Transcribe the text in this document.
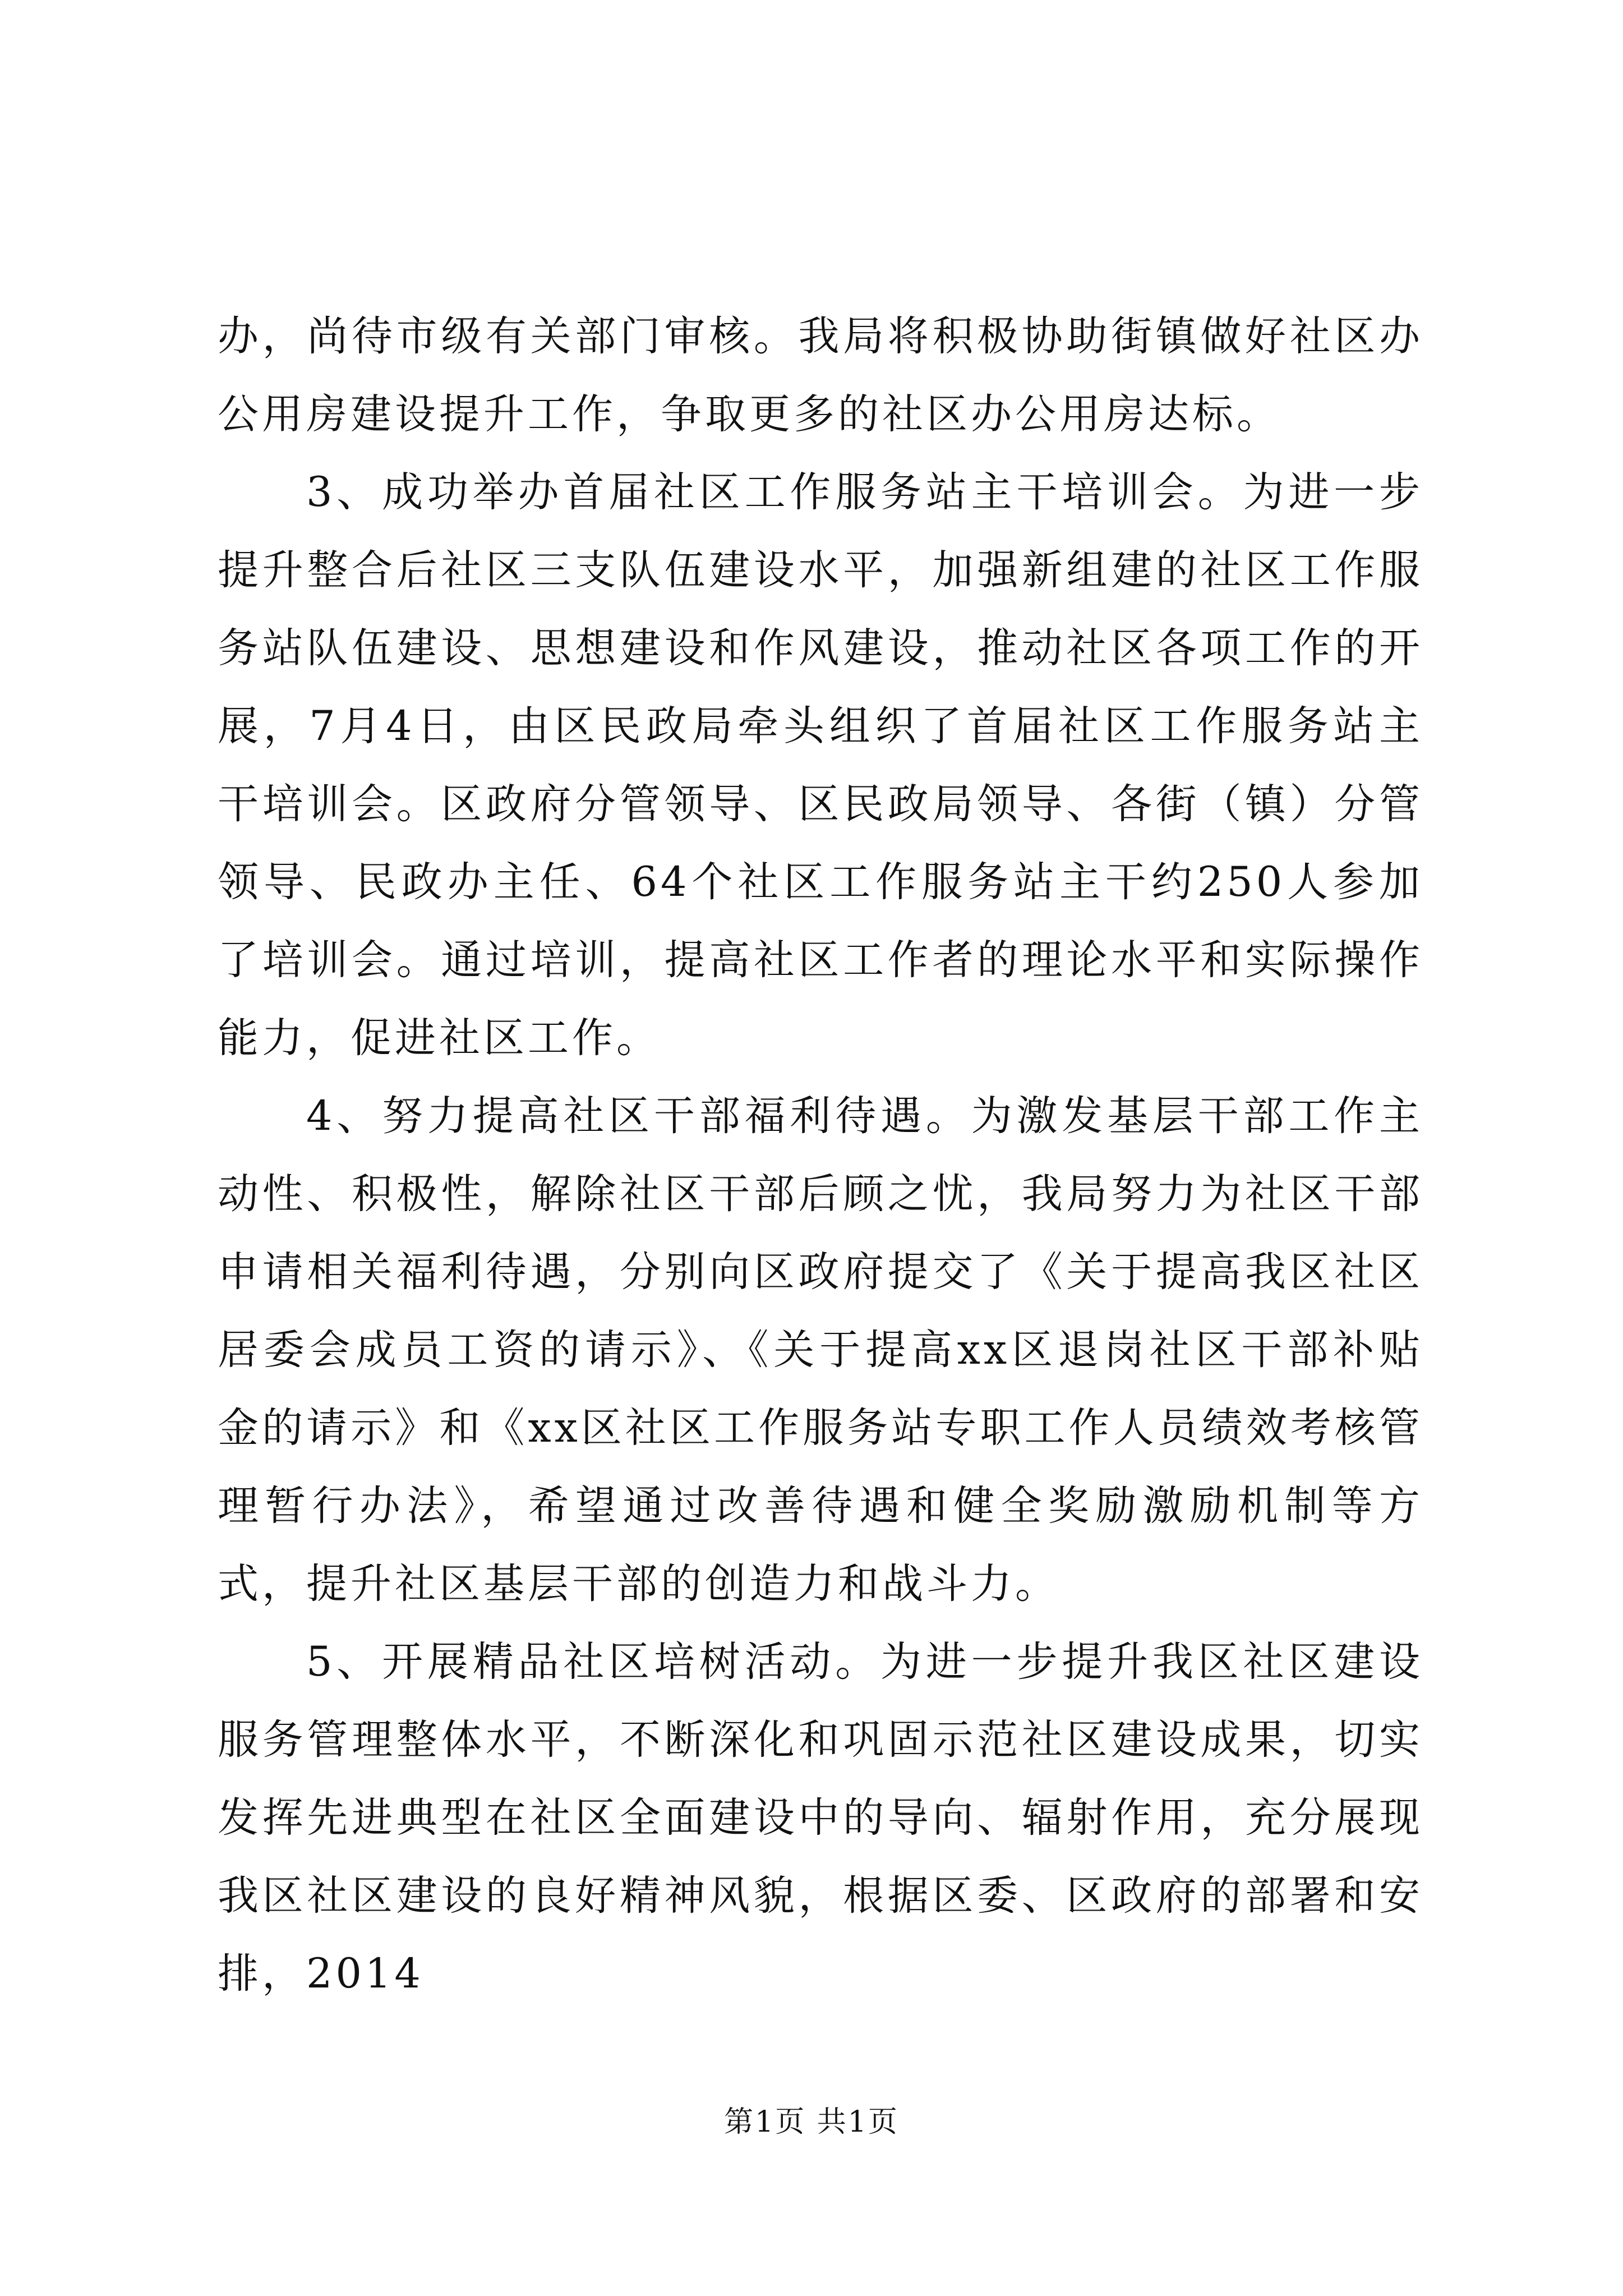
办，尚待市级有关部门审核。我局将积极协助街镇做好社区办公用房建设提升工作，争取更多的社区办公用房达标。

3、成功举办首届社区工作服务站主干培训会。为进一步提升整合后社区三支队伍建设水平，加强新组建的社区工作服务站队伍建设、思想建设和作风建设，推动社区各项工作的开展，7月4日，由区民政局牵头组织了首届社区工作服务站主干培训会。区政府分管领导、区民政局领导、各街（镇）分管领导、民政办主任、64个社区工作服务站主干约250人参加了培训会。通过培训，提高社区工作者的理论水平和实际操作能力，促进社区工作。

4、努力提高社区干部福利待遇。为激发基层干部工作主动性、积极性，解除社区干部后顾之忧，我局努力为社区干部申请相关福利待遇，分别向区政府提交了《关于提高我区社区居委会成员工资的请示》、《关于提高xx区退岗社区干部补贴金的请示》和《xx区社区工作服务站专职工作人员绩效考核管理暂行办法》，希望通过改善待遇和健全奖励激励机制等方式，提升社区基层干部的创造力和战斗力。

5、开展精品社区培树活动。为进一步提升我区社区建设服务管理整体水平，不断深化和巩固示范社区建设成果，切实发挥先进典型在社区全面建设中的导向、辐射作用，充分展现我区社区建设的良好精神风貌，根据区委、区政府的部署和安排，2014

第1页 共1页
